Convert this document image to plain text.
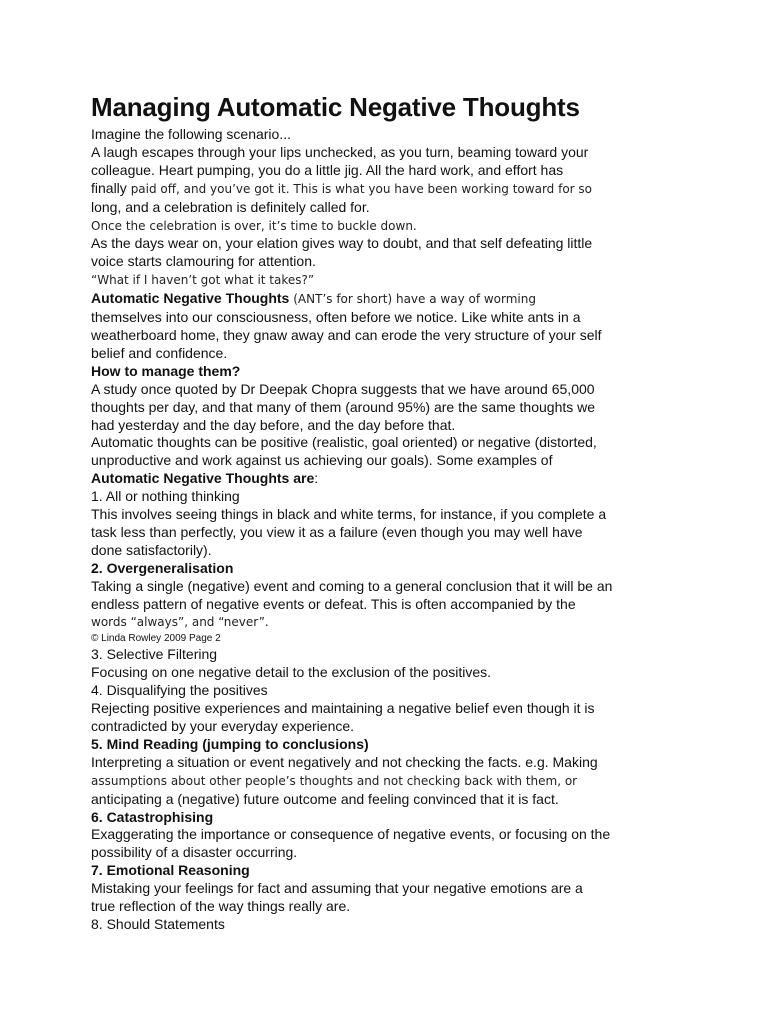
Managing Automatic Negative Thoughts
Imagine the following scenario...
A laugh escapes through your lips unchecked, as you turn, beaming toward your
colleague. Heart pumping, you do a little jig. All the hard work, and effort has
finally paid off, and you’ve got it. This is what you have been working toward for so
long, and a celebration is definitely called for.
Once the celebration is over, it’s time to buckle down.
As the days wear on, your elation gives way to doubt, and that self defeating little
voice starts clamouring for attention.
“What if I haven’t got what it takes?”
Automatic Negative Thoughts (ANT’s for short) have a way of worming
themselves into our consciousness, often before we notice. Like white ants in a
weatherboard home, they gnaw away and can erode the very structure of your self
belief and confidence.
How to manage them?
A study once quoted by Dr Deepak Chopra suggests that we have around 65,000
thoughts per day, and that many of them (around 95%) are the same thoughts we
had yesterday and the day before, and the day before that.
Automatic thoughts can be positive (realistic, goal oriented) or negative (distorted,
unproductive and work against us achieving our goals). Some examples of
Automatic Negative Thoughts are:
1. All or nothing thinking
This involves seeing things in black and white terms, for instance, if you complete a
task less than perfectly, you view it as a failure (even though you may well have
done satisfactorily).
2. Overgeneralisation
Taking a single (negative) event and coming to a general conclusion that it will be an
endless pattern of negative events or defeat. This is often accompanied by the
words “always”, and “never”.
© Linda Rowley 2009 Page 2
3. Selective Filtering
Focusing on one negative detail to the exclusion of the positives.
4. Disqualifying the positives
Rejecting positive experiences and maintaining a negative belief even though it is
contradicted by your everyday experience.
5. Mind Reading (jumping to conclusions)
Interpreting a situation or event negatively and not checking the facts. e.g. Making
assumptions about other people’s thoughts and not checking back with them, or
anticipating a (negative) future outcome and feeling convinced that it is fact.
6. Catastrophising
Exaggerating the importance or consequence of negative events, or focusing on the
possibility of a disaster occurring.
7. Emotional Reasoning
Mistaking your feelings for fact and assuming that your negative emotions are a
true reflection of the way things really are.
8. Should Statements
